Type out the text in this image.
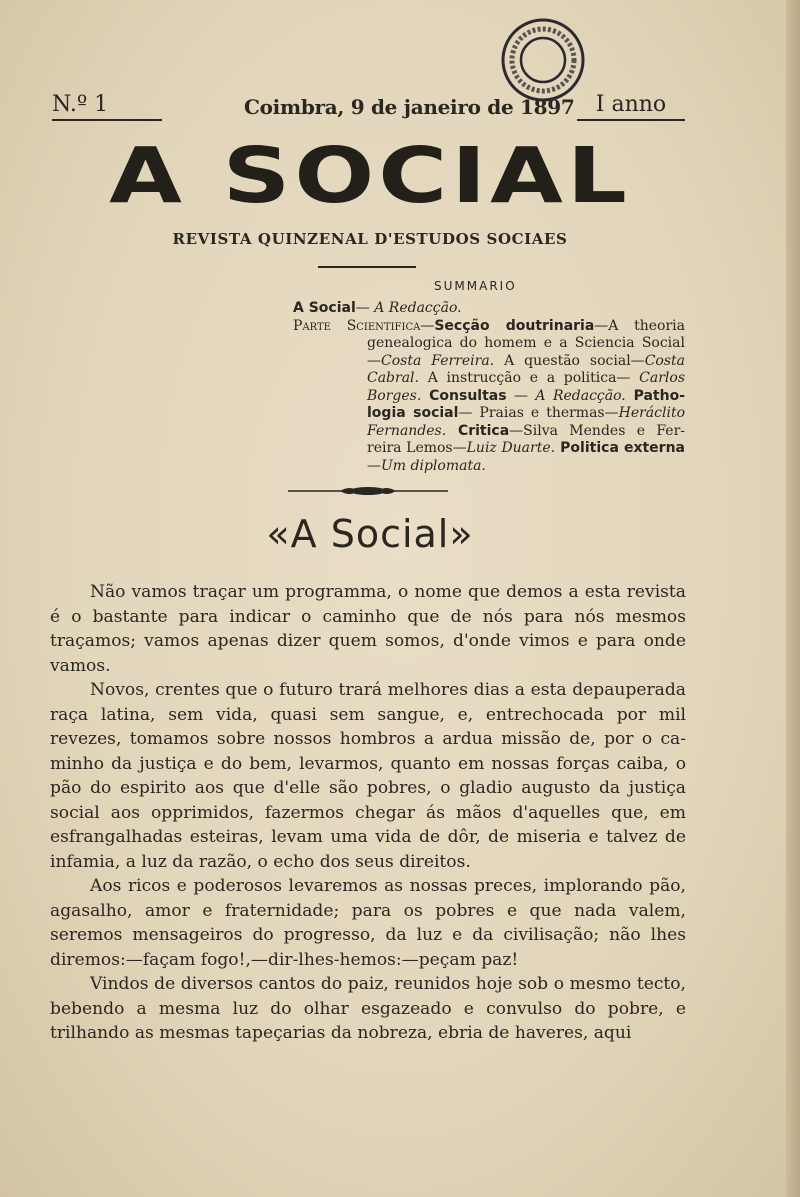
N.º 1	Coimbra, 9 de janeiro de 1897 I anno
A SOCIAL
REVISTA QUINZENAL D'ESTUDOS SOCIAES
SUMMARIO

A Social— A Redacção.

Parte Scientifica—Secção doutrinaria—A theoria genealogica do homem e a Sciencia Social —Costa Ferreira. A questão social—Costa Cabral. A instrucção e a politica— Carlos Borges. Consultas — A Redacção. Pathologia social— Praias e thermas—Heráclito Fernandes. Critica—Silva Mendes e Ferreira Lemos—Luiz Duarte. Politica externa—Um diplomata.

«A Social»

Não vamos traçar um programma, o nome que demos a esta revista é o bastante para indicar o caminho que de nós para nós mesmos traçamos; vamos apenas dizer quem somos, d'onde vimos e para onde vamos.

Novos, crentes que o futuro trará melhores dias a esta depauperada raça latina, sem vida, quasi sem sangue, e, entrechocada por mil revezes, tomamos sobre nossos hombros a ardua missão de, por o caminho da justiça e do bem, levarmos, quanto em nossas forças caiba, o pão do espirito aos que d'elle são pobres, o gladio augusto da justiça social aos opprimidos, fazermos chegar ás mãos d'aquelles que, em esfrangalhadas esteiras, levam uma vida de dôr, de miseria e talvez de infamia, a luz da razão, o echo dos seus direitos.

Aos ricos e poderosos levaremos as nossas preces, implorando pão, agasalho, amor e fraternidade; para os pobres e que nada valem, seremos mensageiros do progresso, da luz e da civilisação; não lhes diremos:—façam fogo!,—dir-lhes-hemos:—peçam paz!

Vindos de diversos cantos do paiz, reunidos hoje sob o mesmo tecto, bebendo a mesma luz do olhar esgazeado e convulso do pobre, e trilhando as mesmas tapeçarias da nobreza, ebria de haveres, aqui
